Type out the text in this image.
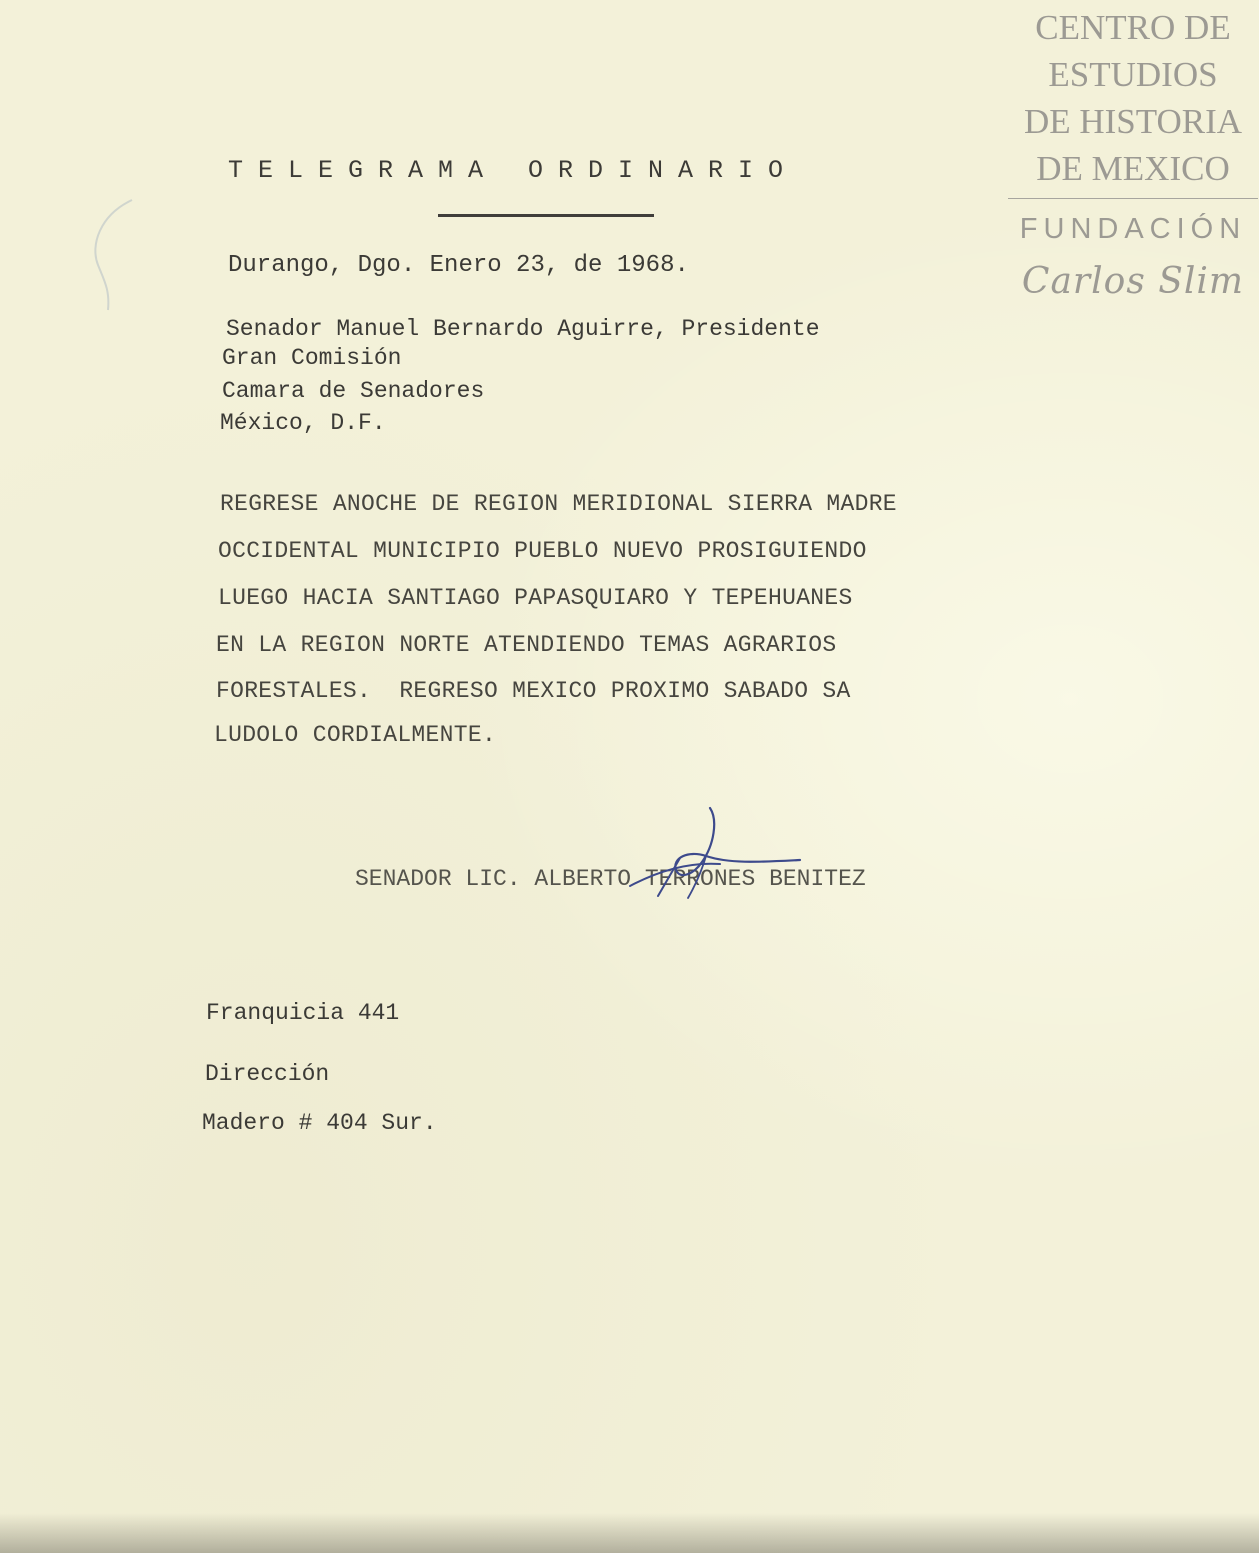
CENTRO DE
ESTUDIOS
DE HISTORIA
DE MEXICO
FUNDACIÓN
Carlos Slim
TELEGRAMA ORDINARIO
Durango, Dgo. Enero 23, de 1968.
Senador Manuel Bernardo Aguirre, Presidente
Gran Comisión
Camara de Senadores
México, D.F.
REGRESE ANOCHE DE REGION MERIDIONAL SIERRA MADRE
OCCIDENTAL MUNICIPIO PUEBLO NUEVO PROSIGUIENDO
LUEGO HACIA SANTIAGO PAPASQUIARO Y TEPEHUANES
EN LA REGION NORTE ATENDIENDO TEMAS AGRARIOS
FORESTALES.  REGRESO MEXICO PROXIMO SABADO SA
LUDOLO CORDIALMENTE.
SENADOR LIC. ALBERTO TERRONES BENITEZ
Franquicia 441
Dirección
Madero # 404 Sur.
